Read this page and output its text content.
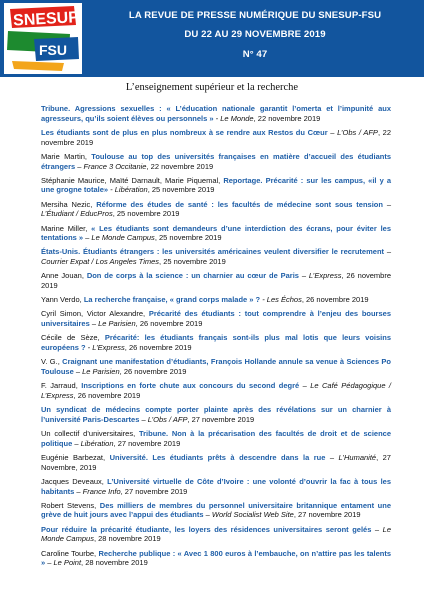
SNESUP
FSU
LA REVUE DE PRESSE NUMÉRIQUE DU SNESUP-FSU
DU 22 AU 29 NOVEMBRE 2019
N° 47
L’enseignement supérieur et la recherche

Tribune. Agressions sexuelles : « L’éducation nationale garantit l’omerta et l’impunité aux agresseurs, qu’ils soient élèves ou personnels » - Le Monde, 22 novembre 2019

Les étudiants sont de plus en plus nombreux à se rendre aux Restos du Cœur – L’Obs / AFP, 22 novembre 2019

Marie Martin, Toulouse au top des universités françaises en matière d’accueil des étudiants étrangers – France 3 Occitanie, 22 novembre 2019

Stéphanie Maurice, Maïté Darnault, Marie Piquemal, Reportage. Précarité : sur les campus, «il y a une grogne totale» - Libération, 25 novembre 2019

Mersiha Nezic, Réforme des études de santé : les facultés de médecine sont sous tension – L’Étudiant / EducPros, 25 novembre 2019

Marine Miller, « Les étudiants sont demandeurs d’une interdiction des écrans, pour éviter les tentations » – Le Monde Campus, 25 novembre 2019

États-Unis. Étudiants étrangers : les universités américaines veulent diversifier le recrutement – Courrier Expat / Los Angeles Times, 25 novembre 2019

Anne Jouan, Don de corps à la science : un charnier au cœur de Paris – L’Express, 26 novembre 2019

Yann Verdo, La recherche française, « grand corps malade » ? - Les Échos, 26 novembre 2019

Cyril Simon, Victor Alexandre, Précarité des étudiants : tout comprendre à l’enjeu des bourses universitaires – Le Parisien, 26 novembre 2019

Cécile de Sèze, Précarité: les étudiants français sont-ils plus mal lotis que leurs voisins européens ? - L’Express, 26 novembre 2019

V. G., Craignant une manifestation d’étudiants, François Hollande annule sa venue à Sciences Po Toulouse – Le Parisien, 26 novembre 2019

F. Jarraud, Inscriptions en forte chute aux concours du second degré – Le Café Pédagogique / L’Express, 26 novembre 2019

Un syndicat de médecins compte porter plainte après des révélations sur un charnier à l’université Paris-Descartes – L’Obs / AFP, 27 novembre 2019

Un collectif d’universitaires, Tribune. Non à la précarisation des facultés de droit et de science politique – Libération, 27 novembre 2019

Eugénie Barbezat, Université. Les étudiants prêts à descendre dans la rue – L’Humanité, 27 Novembre, 2019

Jacques Deveaux, L’Université virtuelle de Côte d’Ivoire : une volonté d’ouvrir la fac à tous les habitants – France Info, 27 novembre 2019

Robert Stevens, Des milliers de membres du personnel universitaire britannique entament une grève de huit jours avec l’appui des étudiants – World Socialist Web Site, 27 novembre 2019

Pour réduire la précarité étudiante, les loyers des résidences universitaires seront gelés – Le Monde Campus, 28 novembre 2019

Caroline Tourbe, Recherche publique : « Avec 1 800 euros à l’embauche, on n’attire pas les talents » – Le Point, 28 novembre 2019
